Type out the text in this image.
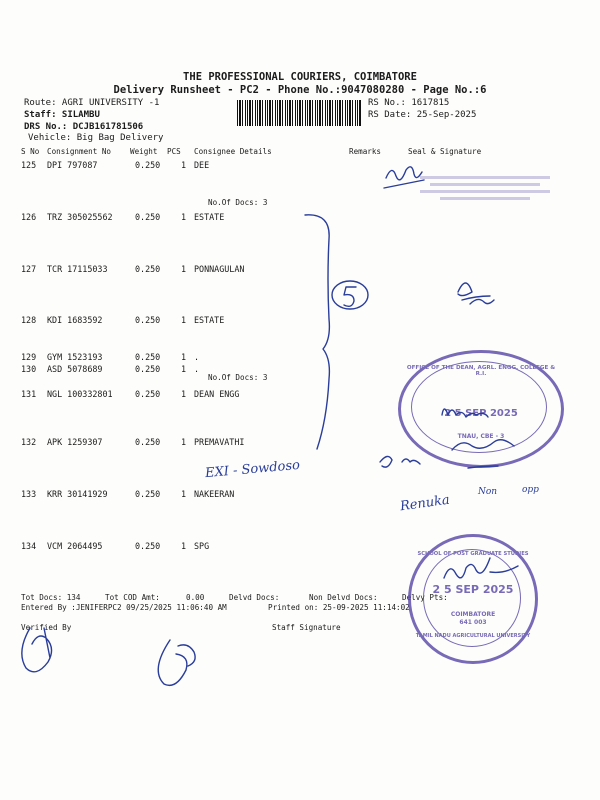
THE PROFESSIONAL COURIERS, COIMBATORE
Delivery Runsheet - PC2 - Phone No.:9047080280 - Page No.:6
Route: AGRI UNIVERSITY -1
Staff: SILAMBU
DRS No.: DCJB161781506
Vehicle: Big Bag Delivery
RS No.: 1617815
RS Date: 25-Sep-2025
S No Consignment No Weight PCS Consignee Details	Remarks	Seal & Signature
125 DPI 797087	0.250 1 DEE
126 TRZ 305025562	0.250 1 ESTATE
127 TCR 17115033	0.250 1 PONNAGULAN
128 KDI 1683592	0.250 1 ESTATE
129 GYM 1523193	0.250 1 .
130 ASD 5078689	0.250 1 .
131 NGL 100332801	0.250 1 DEAN ENGG
132 APK 1259307	0.250 1 PREMAVATHI
133 KRR 30141929	0.250 1 NAKEERAN
134 VCM 2064495	0.250 1 SPG
No.Of Docs: 3
No.Of Docs: 3
Tot Docs: 134	Tot COD Amt:	0.00	Delvd Docs:	Non Delvd Docs:	Delvy Pts:
Entered By :JENIFERPC2 09/25/2025 11:06:40 AM	Printed on: 25-09-2025 11:14:02
Verified By	Staff Signature
EXI - Sowdoso
Renuka
Non	opp
OFFICE OF THE DEAN, AGRL. ENGG. COLLEGE & R.I.
2 5 SEP 2025
TNAU, CBE - 3
SCHOOL OF POST GRADUATE STUDIES
2 5 SEP 2025
COIMBATORE
641 003
TAMIL NADU AGRICULTURAL UNIVERSITY
